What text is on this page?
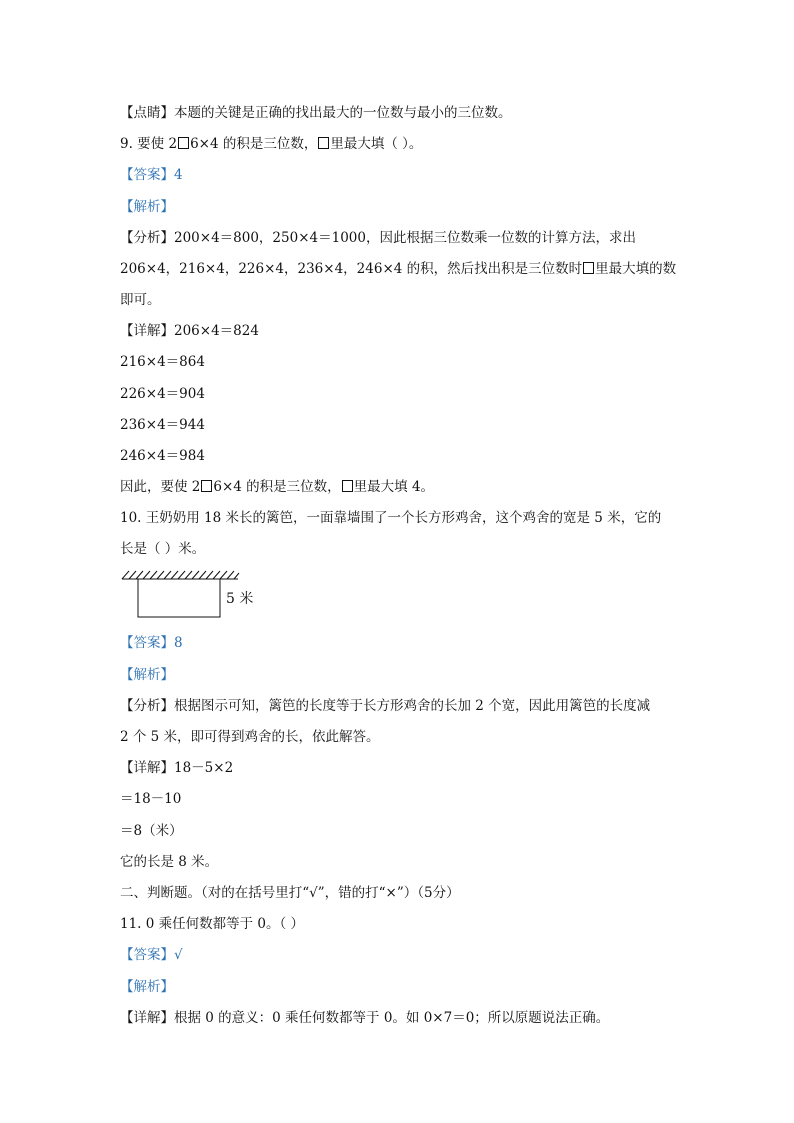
【点睛】本题的关键是正确的找出最大的一位数与最小的三位数。
9. 要使 2 6×4 的积是三位数， 里最大填（ ）。
【答案】4
【解析】
【分析】200×4＝800，250×4＝1000，因此根据三位数乘一位数的计算方法，求出
206×4，216×4，226×4，236×4，246×4 的积，然后找出积是三位数时 里最大填的数
即可。
【详解】206×4＝824
216×4＝864
226×4＝904
236×4＝944
246×4＝984
因此，要使 2 6×4 的积是三位数， 里最大填 4。
10. 王奶奶用 18 米长的篱笆，一面靠墙围了一个长方形鸡舍，这个鸡舍的宽是 5 米，它的
长是（ ）米。
5 米
【答案】8
【解析】
【分析】根据图示可知，篱笆的长度等于长方形鸡舍的长加 2 个宽，因此用篱笆的长度减
2 个 5 米，即可得到鸡舍的长，依此解答。
【详解】18－5×2
＝18－10
＝8（米）
它的长是 8 米。
二、判断题。（对的在括号里打“√”，错的打“×”）（5分）
11. 0 乘任何数都等于 0。（ ）
【答案】√
【解析】
【详解】根据 0 的意义：0 乘任何数都等于 0。如 0×7＝0；所以原题说法正确。
